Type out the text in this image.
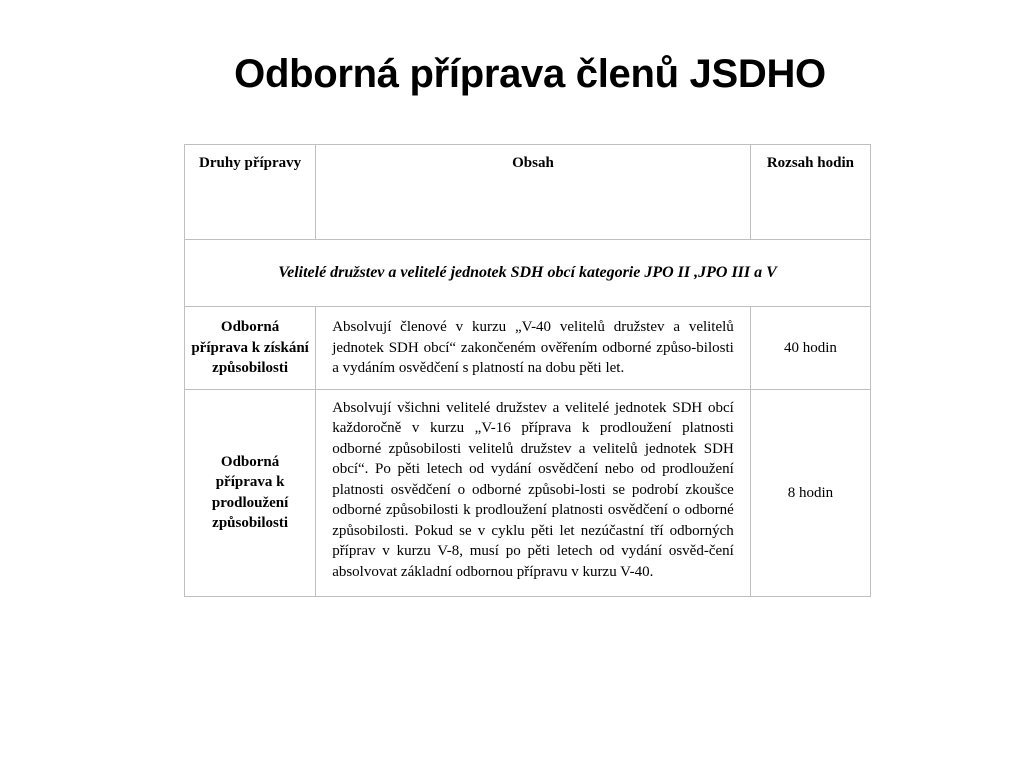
Odborná příprava členů JSDHO
Druhy přípravy	Obsah	Rozsah hodin
Velitelé družstev a velitelé jednotek SDH obcí kategorie JPO II ,JPO III a V		
Odborná příprava k získání způsobilosti	Absolvují členové v kurzu „V-40 velitelů družstev a velitelů jednotek SDH obcí“ zakončeném ověřením odborné způso-bilosti a vydáním osvědčení s platností na dobu pěti let.	40 hodin
Odborná příprava k prodloužení způsobilosti	Absolvují všichni velitelé družstev a velitelé jednotek SDH obcí každoročně v kurzu „V-16 příprava k prodloužení platnosti odborné způsobilosti velitelů družstev a velitelů jednotek SDH obcí“. Po pěti letech od vydání osvědčení nebo od prodloužení platnosti osvědčení o odborné způsobi-losti se podrobí zkoušce odborné způsobilosti k prodloužení platnosti osvědčení o odborné způsobilosti. Pokud se v cyklu pěti let nezúčastní tří odborných příprav v kurzu V-8, musí po pěti letech od vydání osvěd-čení absolvovat základní odbornou přípravu v kurzu V-40.	8 hodin
